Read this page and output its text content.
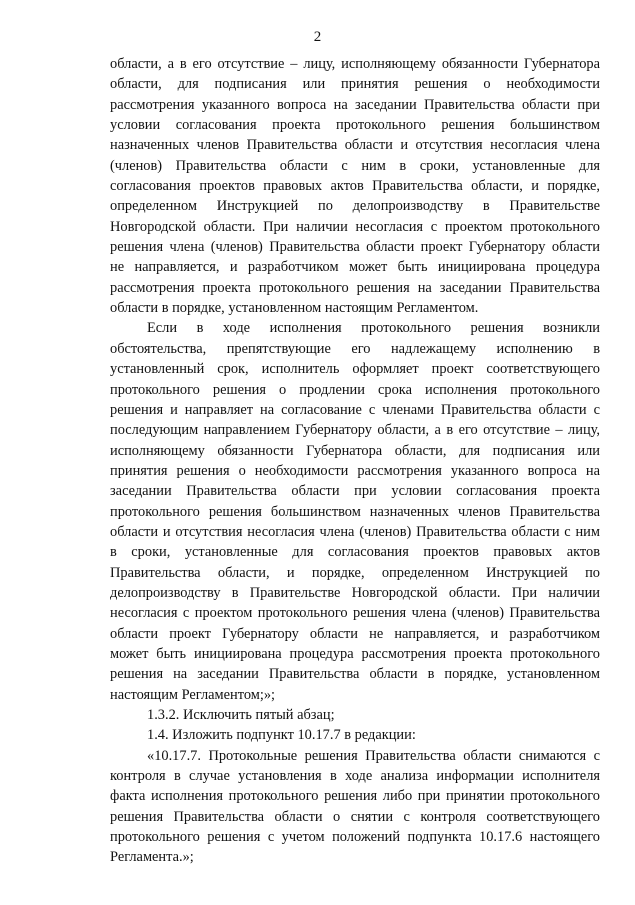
2
области, а в его отсутствие – лицу, исполняющему обязанности Губернатора
области, для подписания или принятия решения о необходимости
рассмотрения указанного вопроса на заседании Правительства области при
условии согласования проекта протокольного решения большинством
назначенных членов Правительства области и отсутствия несогласия члена
(членов) Правительства области с ним в сроки, установленные для
согласования проектов правовых актов Правительства области, и порядке,
определенном Инструкцией по делопроизводству в Правительстве
Новгородской области. При наличии несогласия с проектом протокольного
решения члена (членов) Правительства области проект Губернатору области
не направляется, и разработчиком может быть инициирована процедура
рассмотрения проекта протокольного решения на заседании Правительства
области в порядке, установленном настоящим Регламентом.
Если в ходе исполнения протокольного решения возникли
обстоятельства, препятствующие его надлежащему исполнению в
установленный срок, исполнитель оформляет проект соответствующего
протокольного решения о продлении срока исполнения протокольного
решения и направляет на согласование с членами Правительства области с
последующим направлением Губернатору области, а в его отсутствие – лицу,
исполняющему обязанности Губернатора области, для подписания или
принятия решения о необходимости рассмотрения указанного вопроса на
заседании Правительства области при условии согласования проекта
протокольного решения большинством назначенных членов Правительства
области и отсутствия несогласия члена (членов) Правительства области с ним
в сроки, установленные для согласования проектов правовых актов
Правительства области, и порядке, определенном Инструкцией по
делопроизводству в Правительстве Новгородской области. При наличии
несогласия с проектом протокольного решения члена (членов) Правительства
области проект Губернатору области не направляется, и разработчиком
может быть инициирована процедура рассмотрения проекта протокольного
решения на заседании Правительства области в порядке, установленном
настоящим Регламентом;»;

1.3.2. Исключить пятый абзац;

1.4. Изложить подпункт 10.17.7 в редакции:

«10.17.7. Протокольные решения Правительства области снимаются с
контроля в случае установления в ходе анализа информации исполнителя
факта исполнения протокольного решения либо при принятии протокольного
решения Правительства области о снятии с контроля соответствующего
протокольного решения с учетом положений подпункта 10.17.6 настоящего
Регламента.»;
